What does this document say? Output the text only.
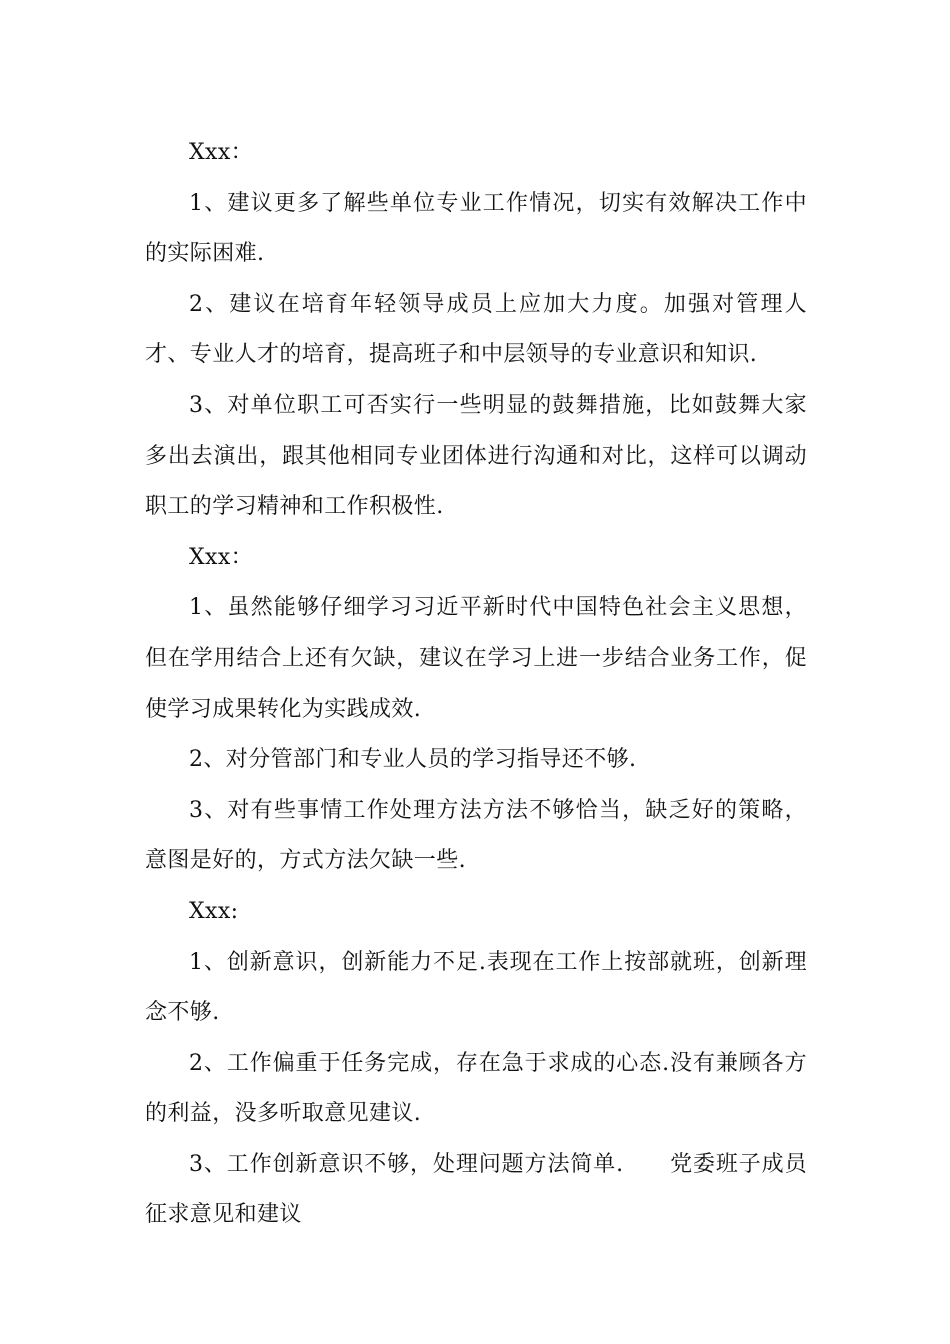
Xxx：

1、建议更多了解些单位专业工作情况，切实有效解决工作中的实际困难.

2、建议在培育年轻领导成员上应加大力度。加强对管理人才、专业人才的培育，提高班子和中层领导的专业意识和知识.

3、对单位职工可否实行一些明显的鼓舞措施，比如鼓舞大家多出去演出，跟其他相同专业团体进行沟通和对比，这样可以调动职工的学习精神和工作积极性.

Xxx：

1、虽然能够仔细学习习近平新时代中国特色社会主义思想，但在学用结合上还有欠缺，建议在学习上进一步结合业务工作，促使学习成果转化为实践成效.

2、对分管部门和专业人员的学习指导还不够.

3、对有些事情工作处理方法方法不够恰当，缺乏好的策略，意图是好的，方式方法欠缺一些.

Xxx:

1、创新意识，创新能力不足.表现在工作上按部就班，创新理念不够.

2、工作偏重于任务完成，存在急于求成的心态.没有兼顾各方的利益，没多听取意见建议.

3、工作创新意识不够，处理问题方法简单. 党委班子成员征求意见和建议
